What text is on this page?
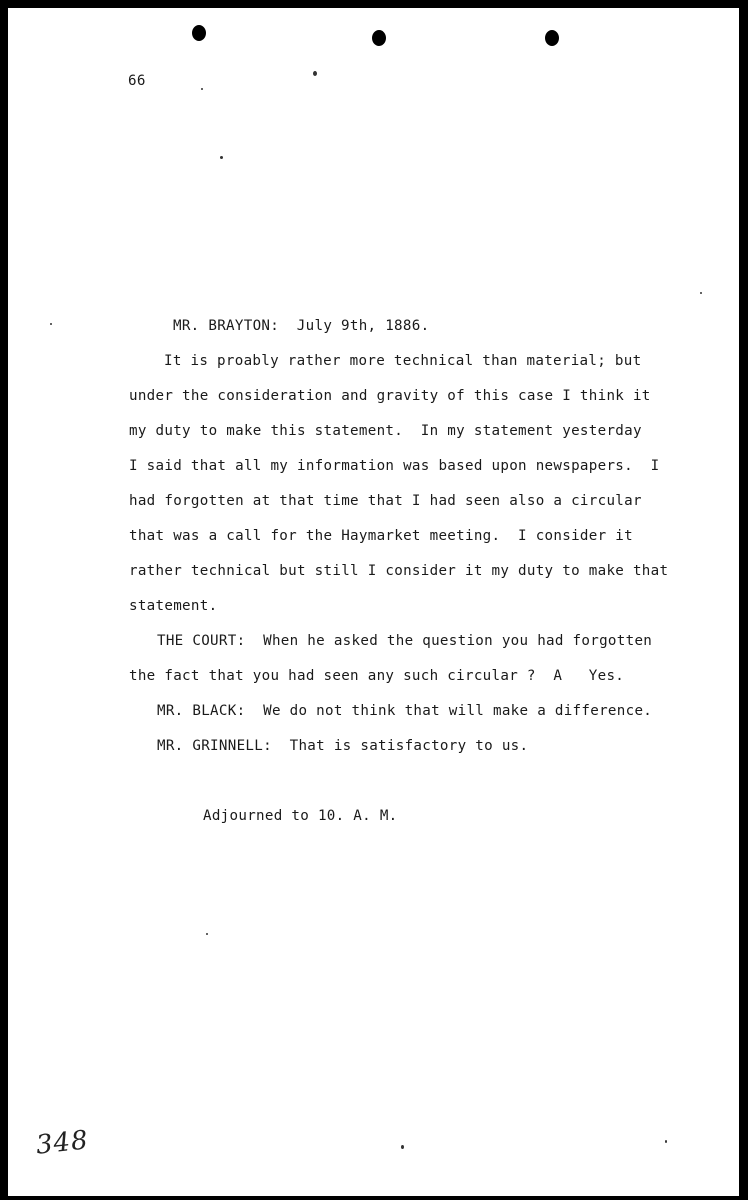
66
MR. BRAYTON: July 9th, 1886.
It is proably rather more technical than material; but
under the consideration and gravity of this case I think it
my duty to make this statement.  In my statement yesterday
I said that all my information was based upon newspapers.  I
had forgotten at that time that I had seen also a circular
that was a call for the Haymarket meeting.  I consider it
rather technical but still I consider it my duty to make that
statement.
THE COURT:  When he asked the question you had forgotten
the fact that you had seen any such circular ?  A   Yes.
MR. BLACK:  We do not think that will make a difference.
MR. GRINNELL:  That is satisfactory to us.
Adjourned to 10. A. M.
348
